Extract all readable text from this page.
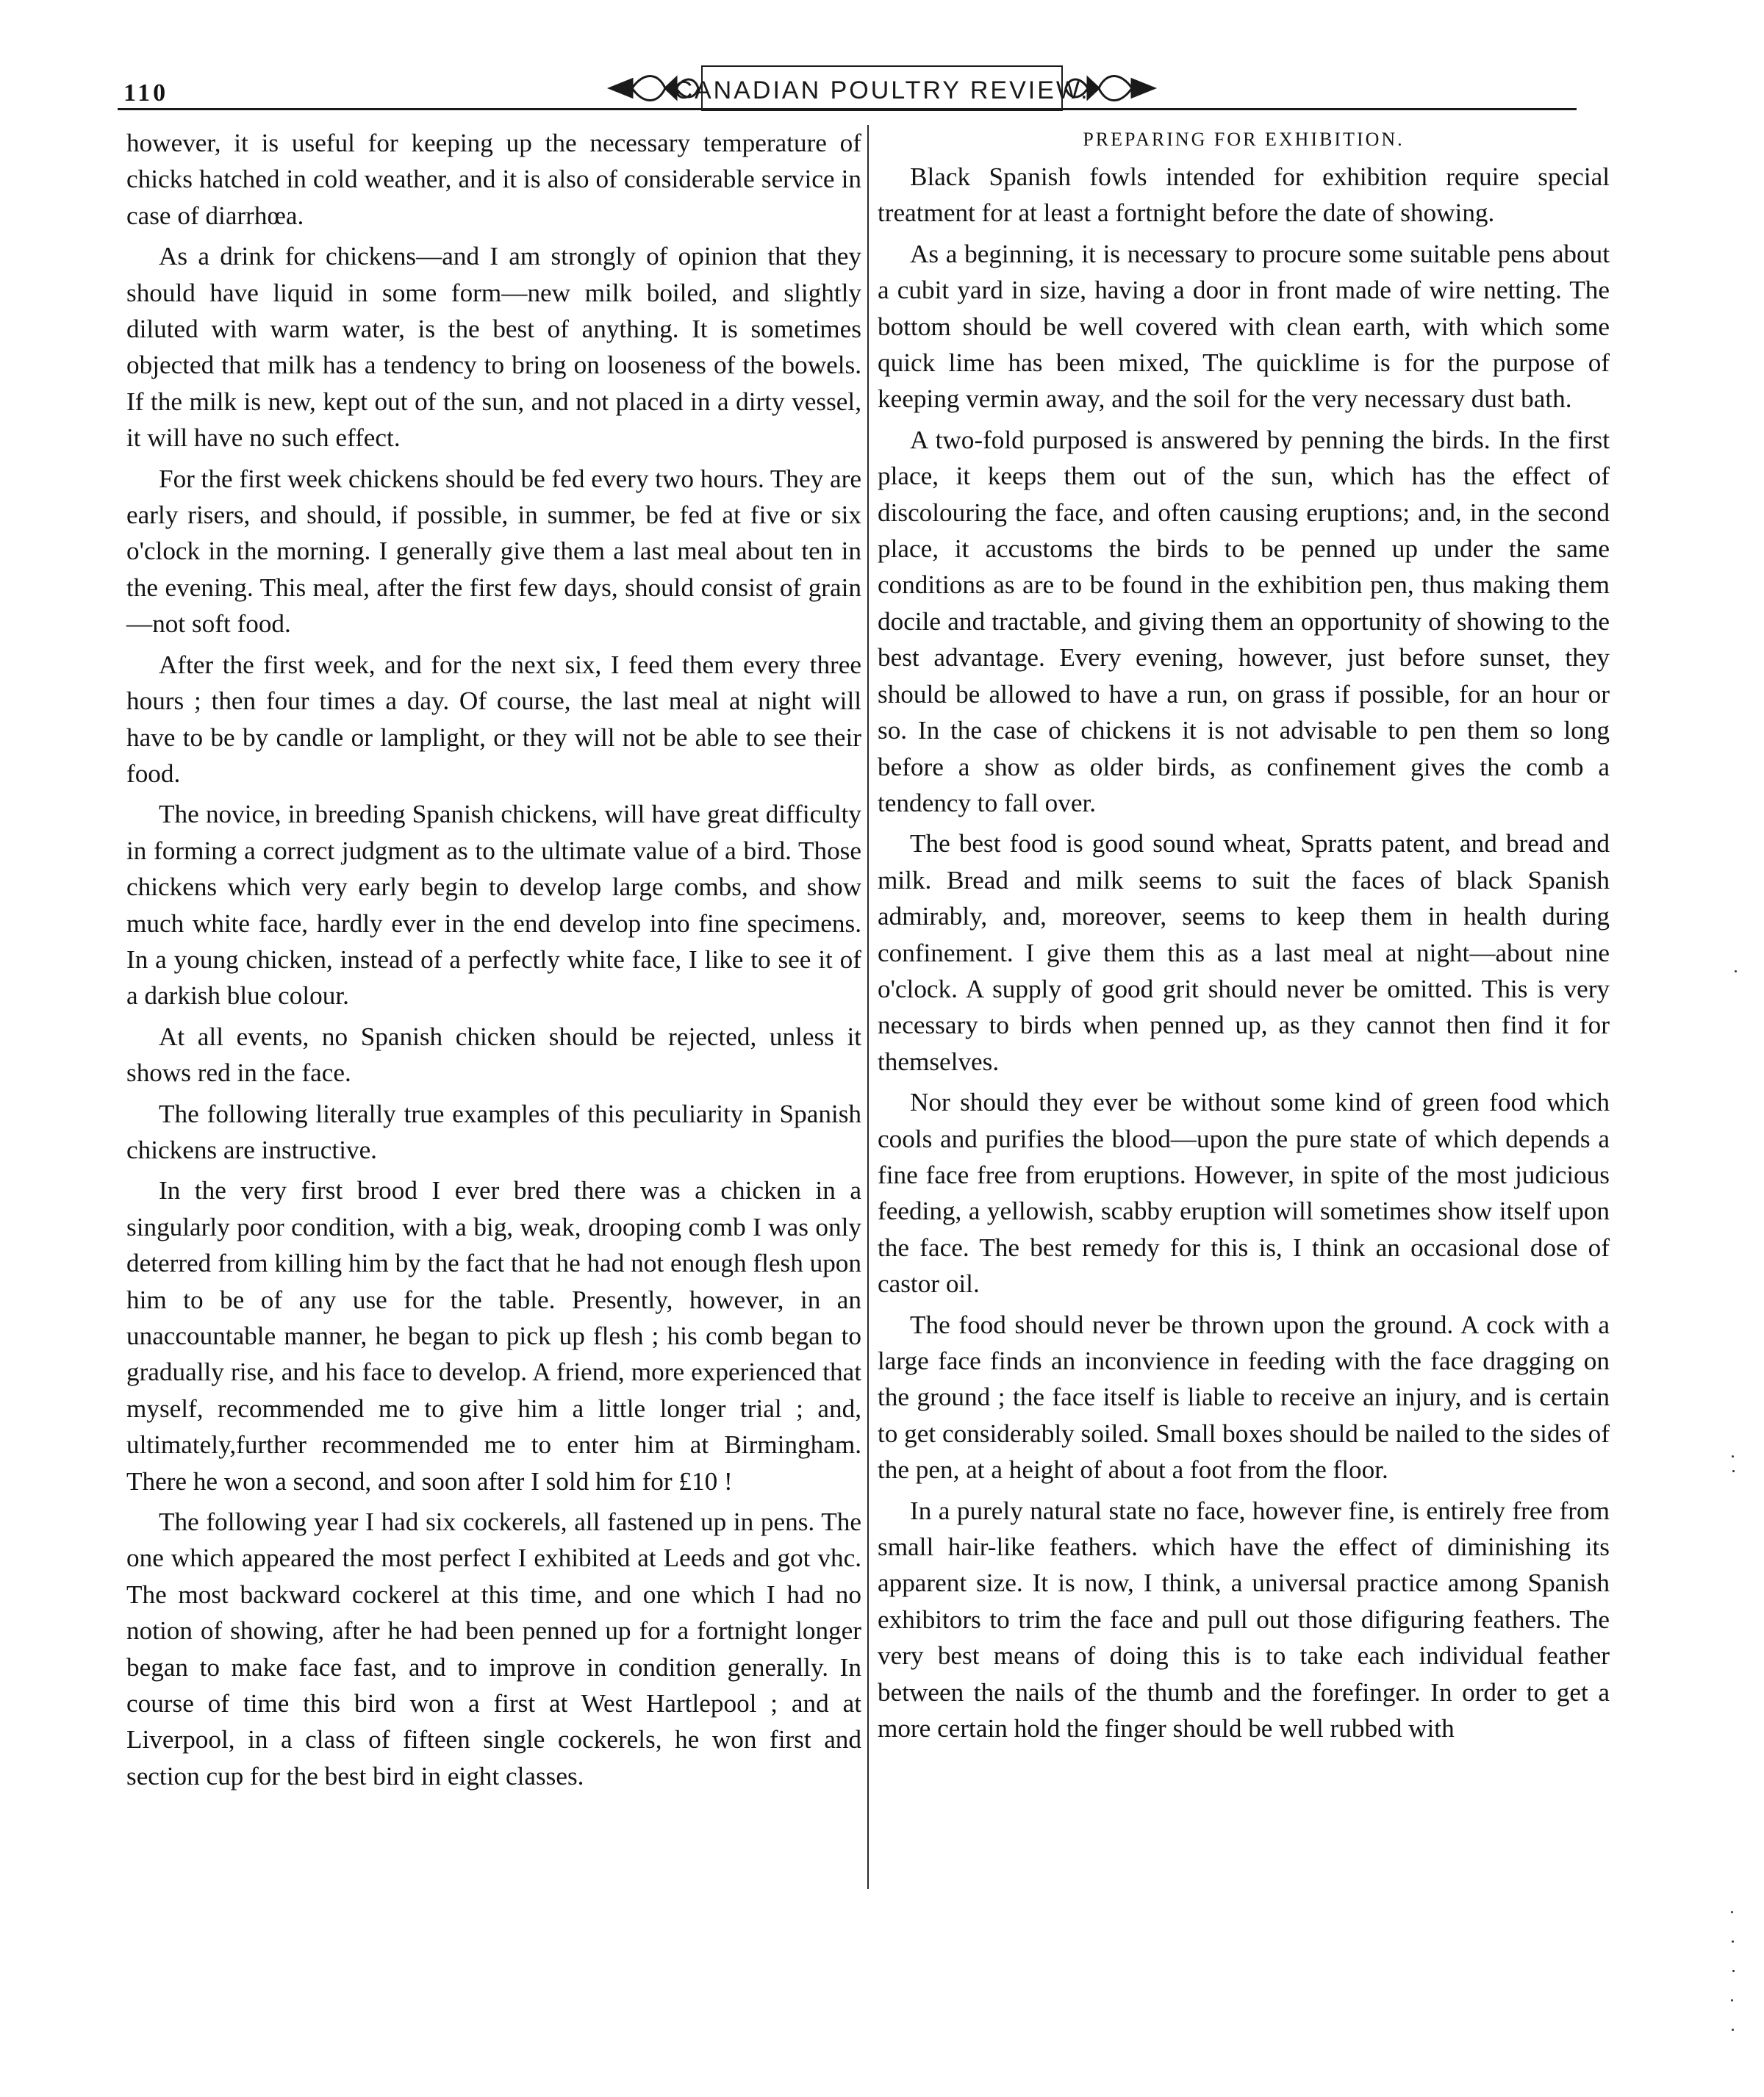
110	CANADIAN POULTRY REVIEW.

however, it is useful for keeping up the necessary temperature of chicks hatched in cold weather, and it is also of considerable service in case of diarrhœa.

As a drink for chickens—and I am strongly of opinion that they should have liquid in some form—new milk boiled, and slightly diluted with warm water, is the best of anything. It is sometimes objected that milk has a tendency to bring on looseness of the bowels. If the milk is new, kept out of the sun, and not placed in a dirty vessel, it will have no such effect.

For the first week chickens should be fed every two hours. They are early risers, and should, if possible, in summer, be fed at five or six o'clock in the morning. I generally give them a last meal about ten in the evening. This meal, after the first few days, should consist of grain—not soft food.

After the first week, and for the next six, I feed them every three hours ; then four times a day. Of course, the last meal at night will have to be by candle or lamplight, or they will not be able to see their food.

The novice, in breeding Spanish chickens, will have great difficulty in forming a correct judgment as to the ultimate value of a bird. Those chickens which very early begin to develop large combs, and show much white face, hardly ever in the end develop into fine specimens. In a young chicken, instead of a perfectly white face, I like to see it of a darkish blue colour.

At all events, no Spanish chicken should be rejected, unless it shows red in the face.

The following literally true examples of this peculiarity in Spanish chickens are instructive.

In the very first brood I ever bred there was a chicken in a singularly poor condition, with a big, weak, drooping comb I was only deterred from killing him by the fact that he had not enough flesh upon him to be of any use for the table. Presently, however, in an unaccountable manner, he began to pick up flesh ; his comb began to gradually rise, and his face to develop. A friend, more experienced that myself, recommended me to give him a little longer trial ; and, ultimately,further recommended me to enter him at Birmingham. There he won a second, and soon after I sold him for £10 !

The following year I had six cockerels, all fastened up in pens. The one which appeared the most perfect I exhibited at Leeds and got vhc. The most backward cockerel at this time, and one which I had no notion of showing, after he had been penned up for a fortnight longer began to make face fast, and to improve in condition generally. In course of time this bird won a first at West Hartlepool ; and at Liverpool, in a class of fifteen single cockerels, he won first and section cup for the best bird in eight classes.

PREPARING FOR EXHIBITION.

Black Spanish fowls intended for exhibition require special treatment for at least a fortnight before the date of showing.

As a beginning, it is necessary to procure some suitable pens about a cubit yard in size, having a door in front made of wire netting. The bottom should be well covered with clean earth, with which some quick lime has been mixed, The quicklime is for the purpose of keeping vermin away, and the soil for the very necessary dust bath.

A two-fold purposed is answered by penning the birds. In the first place, it keeps them out of the sun, which has the effect of discolouring the face, and often causing eruptions; and, in the second place, it accustoms the birds to be penned up under the same conditions as are to be found in the exhibition pen, thus making them docile and tractable, and giving them an opportunity of showing to the best advantage. Every evening, however, just before sunset, they should be allowed to have a run, on grass if possible, for an hour or so. In the case of chickens it is not advisable to pen them so long before a show as older birds, as confinement gives the comb a tendency to fall over.

The best food is good sound wheat, Spratts patent, and bread and milk. Bread and milk seems to suit the faces of black Spanish admirably, and, moreover, seems to keep them in health during confinement. I give them this as a last meal at night—about nine o'clock. A supply of good grit should never be omitted. This is very necessary to birds when penned up, as they cannot then find it for themselves.

Nor should they ever be without some kind of green food which cools and purifies the blood—upon the pure state of which depends a fine face free from eruptions. However, in spite of the most judicious feeding, a yellowish, scabby eruption will sometimes show itself upon the face. The best remedy for this is, I think an occasional dose of castor oil.

The food should never be thrown upon the ground. A cock with a large face finds an inconvience in feeding with the face dragging on the ground ; the face itself is liable to receive an injury, and is certain to get considerably soiled. Small boxes should be nailed to the sides of the pen, at a height of about a foot from the floor.

In a purely natural state no face, however fine, is entirely free from small hair-like feathers. which have the effect of diminishing its apparent size. It is now, I think, a universal practice among Spanish exhibitors to trim the face and pull out those difiguring feathers. The very best means of doing this is to take each individual feather between the nails of the thumb and the forefinger. In order to get a more certain hold the finger should be well rubbed with
